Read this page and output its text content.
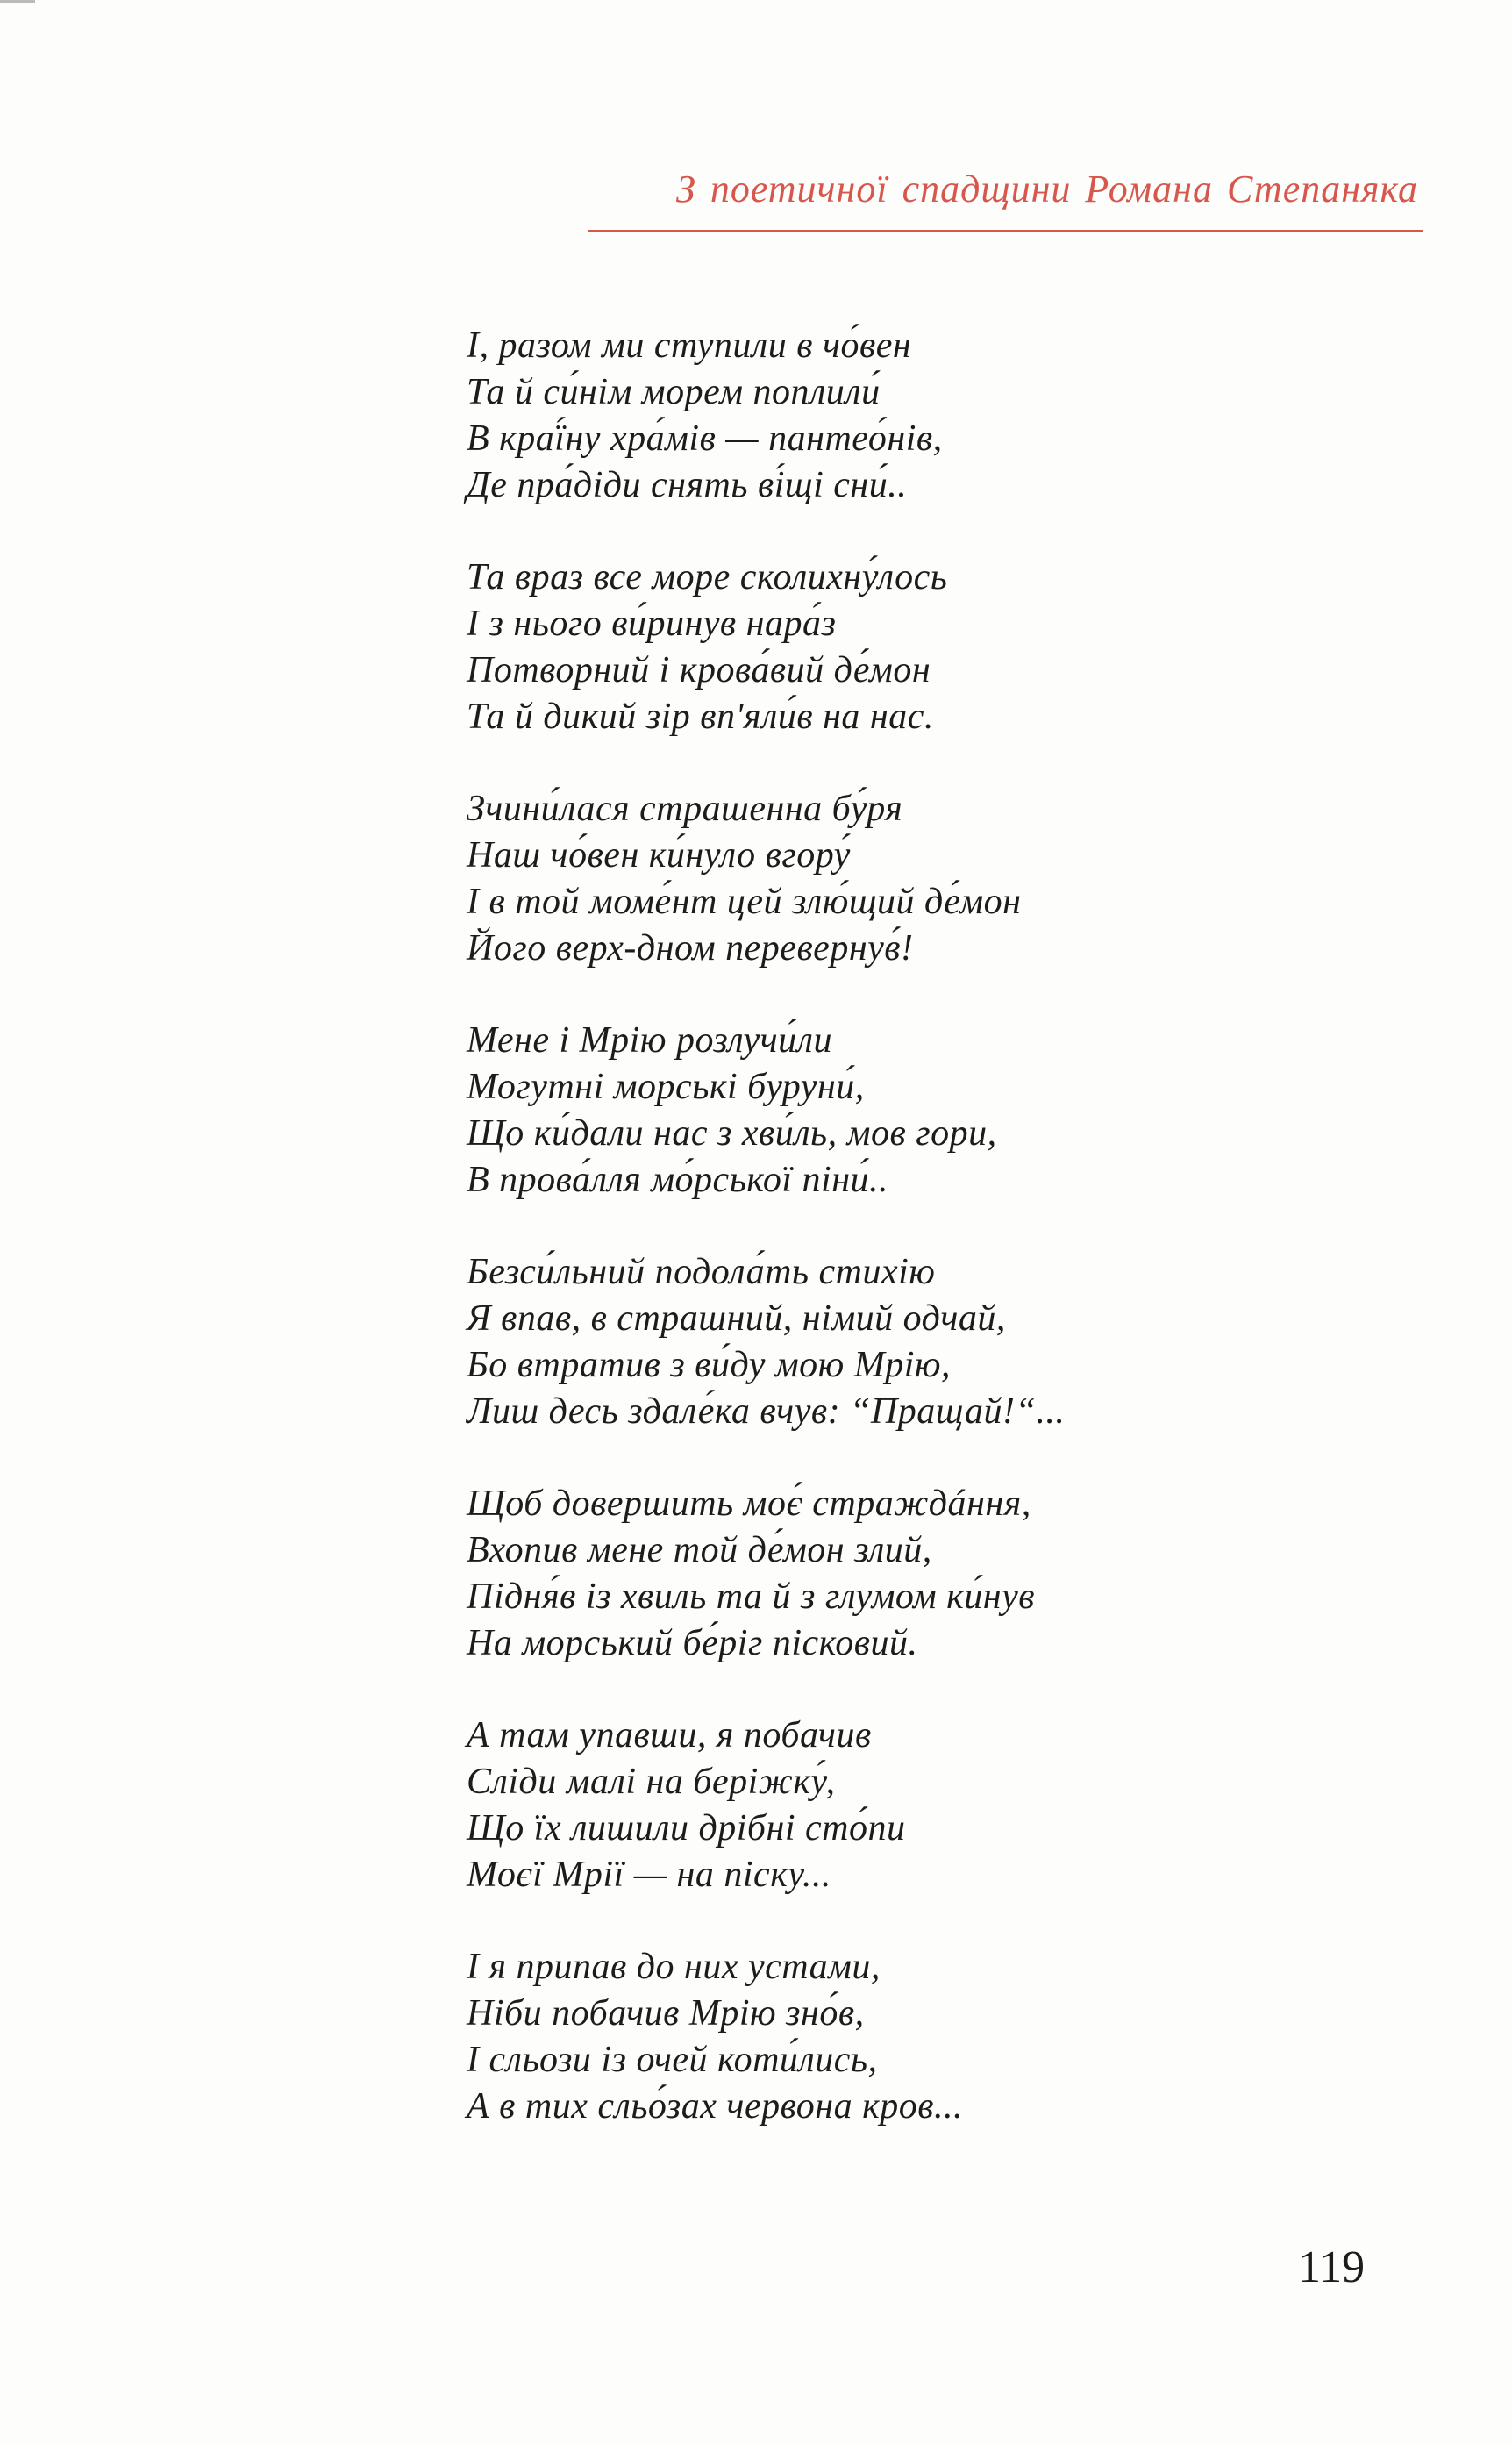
З поетичної спадщини Романа Степаняка
І, разом ми ступили в чо́вен
Та й си́нім морем поплили́
В краї́ну хра́мів — пантео́нів,
Де пра́діди снять ві́щі сни́..
Та враз все море сколихну́лось
І з нього ви́ринув нара́з
Потворний і крова́вий де́мон
Та й дикий зір вп'яли́в на нас.
Зчини́лася страшенна бу́ря
Наш чо́вен ки́нуло вгору́
І в той моме́нт цей злю́щий де́мон
Його верх-дном перевернув́!
Мене і Мрію розлучи́ли
Могутні морські буруни́,
Що ки́дали нас з хви́ль, мов гори,
В прова́лля мо́рської піни́..
Безси́льний подола́ть стихію
Я впав, в страшний, німий одчай,
Бо втратив з ви́ду мою Мрію,
Лиш десь здале́ка вчув: “Пращай!“...
Щоб довершить моє́ страждáння,
Вхопив мене той де́мон злий,
Підня́в із хвиль та й з глумом ки́нув
На морський бе́ріг пісковий.
А там упавши, я побачив
Сліди малі на беріжку́,
Що їх лишили дрібні сто́пи
Моєї Мрії — на піску...
І я припав до них устами,
Ніби побачив Мрію зно́в,
І сльози із очей коти́лись,
А в тих сльо́зах червона кров...
119
